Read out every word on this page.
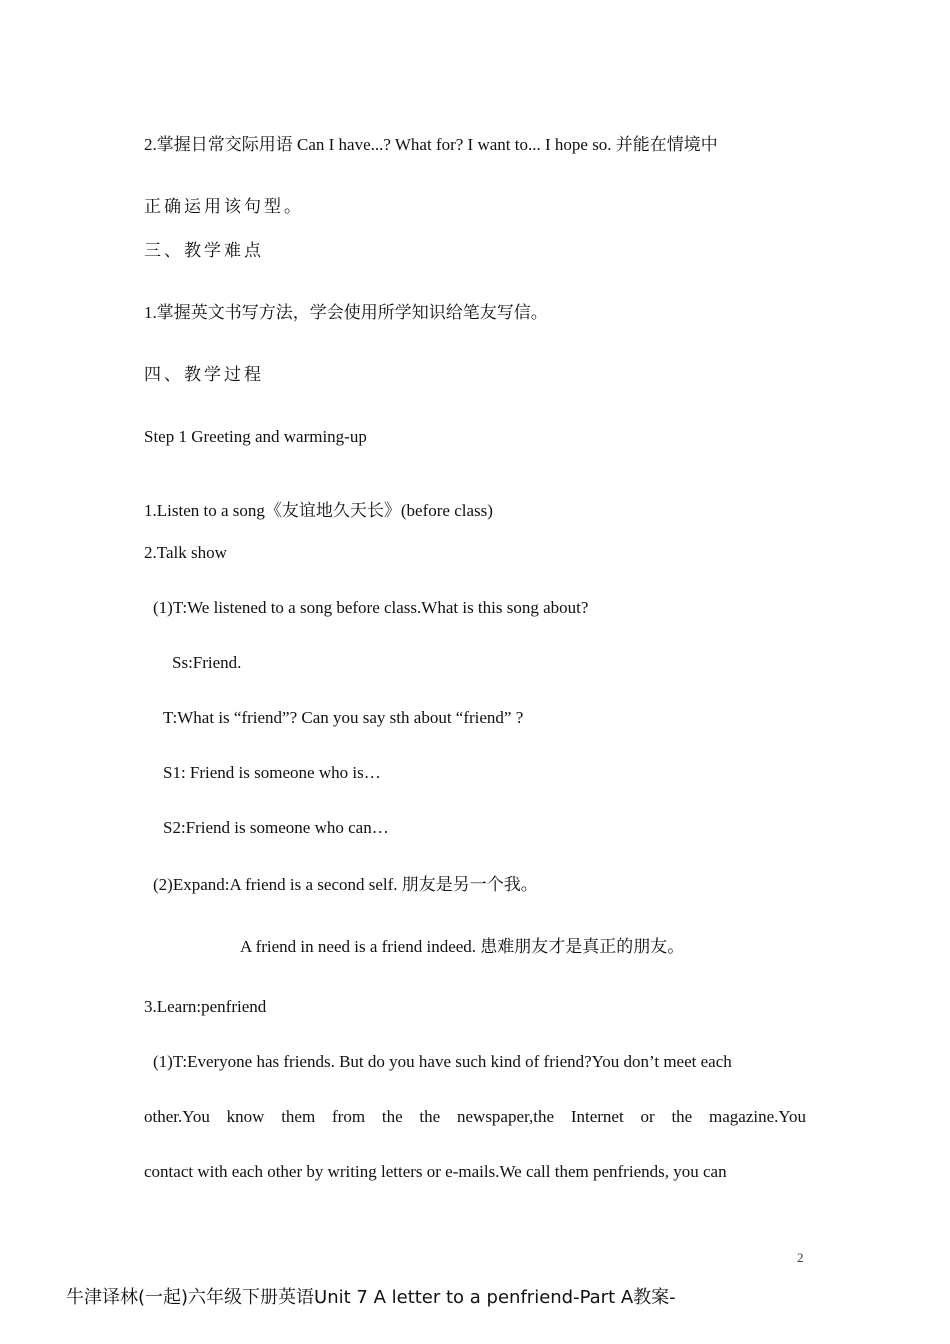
2.掌握日常交际用语 Can I have...? What for? I want to... I hope so. 并能在情境中
正确运用该句型。
三、教学难点
1.掌握英文书写方法，学会使用所学知识给笔友写信。
四、教学过程
Step 1 Greeting and warming-up
1.Listen to a song《友谊地久天长》(before class)
2.Talk show
(1)T:We listened to a song before class.What is this song about?
Ss:Friend.
T:What is “friend”? Can you say sth about “friend” ?
S1: Friend is someone who is…
S2:Friend is someone who can…
(2)Expand:A friend is a second self. 朋友是另一个我。
A friend in need is a friend indeed. 患难朋友才是真正的朋友。
3.Learn:penfriend
(1)T:Everyone has friends. But do you have such kind of friend?You don’t meet each
other.You know them from the the newspaper,the Internet or the magazine.You
contact with each other by writing letters or e-mails.We call them penfriends, you can
2
牛津译林(一起)六年级下册英语Unit 7 A letter to a penfriend-Part A教案-
